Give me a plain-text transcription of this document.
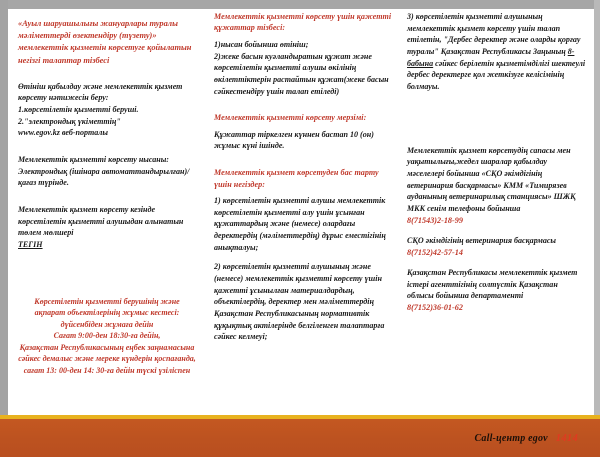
«Ауыл шаруашылығы жануарлары туралы мәліметтерді өзектендіру (түзету)» мемлекеттік қызметін көрсетуге қойылатын негізгі талаптар тізбесі
Өтініш қабылдау және мемлекеттік қызмет
көрсету нәтижесін беру:
1.көрсетілетін қызметті беруші.
2."электрондық үкіметтің"
www.egov.kz веб-порталы
Мемлекеттік қызметті көрсету нысаны: Электрондық (ішінара автоматтандырылған)/ қағаз түрінде.
Мемлекеттік қызмет көрсету кезінде көрсетілетін қызметті алушыдан алынатын төлем мөлшері
ТЕГІН
Көрсетілетін қызметті берушінің және ақпарат объектілерінің жұмыс кестесі:
дүйсенбіден жұмаға дейін
Сағат 9:00-ден 18:30-ға дейін,
Қазақстан Республикасының еңбек заңнамасына сәйкес демалыс және мереке күндерін қоспағанда, сағат 13: 00-ден 14: 30-ға дейін түскі үзіліспен
Мемлекеттік қызметті көрсету үшін қажетті құжаттар тізбесі:
1)нысан бойынша өтініш;
2)жеке басын куәландыратын құжат және көрсетілетін қызметті алушы өкілінің өкілеттіктерін растайтын құжат(жеке басын сәйкестендіру үшін талап етіледі)
Мемлекеттік қызметті көрсету мерзімі:
Құжаттар тіркелген күннен бастап 10 (он) жұмыс күні ішінде.
Мемлекеттік қызмет көрсетуден бас тарту үшін негіздер:
1) көрсетілетін қызметті алушы мемлекеттік көрсетілетін қызметті алу үшін ұсынған құжаттардың және (немесе) олардағы деректердің (мәліметтердің) дұрыс еместігінің анықталуы;
2) көрсетілетін қызметті алушының және (немесе) мемлекеттік қызметті көрсету үшін қажетті ұсынылған материалдардың, объектілердің, деректер мен мәліметтердің Қазақстан Республикасының нормативтік құқықтық актілерінде белгіленген талаптарға сәйкес келмеуі;
3) көрсетілетін қызметті алушының мемлекеттік қызмет көрсету үшін талап етілетін, "Дербес деректер және оларды қорғау туралы" Қазақстан Республикасы Заңының 8-бабына сәйкес берілетін қызметімділігі шектеулі дербес деректерге қол жеткізуге келісімінің болмауы.
Мемлекеттік қызмет көрсетудің сапасы мен уақытылығы,жедел шаралар қабылдау мәселелері бойынша «СҚО әкімдігінің ветеринария басқармасы» КММ «Тимирязев ауданының ветеринарилық станциясы» ШЖҚ МКК сенім телефоны бойынша
8(71543)2-18-99
СҚО әкімдігінің ветеринария басқармасы
8(7152)42-57-14
Қазақстан Республикасы мемлекеттік қызмет істері агенттігінің солтүстік Қазақстан облысы бойынша департаменті
8(7152)36-01-62
Call-центр egov 1414
